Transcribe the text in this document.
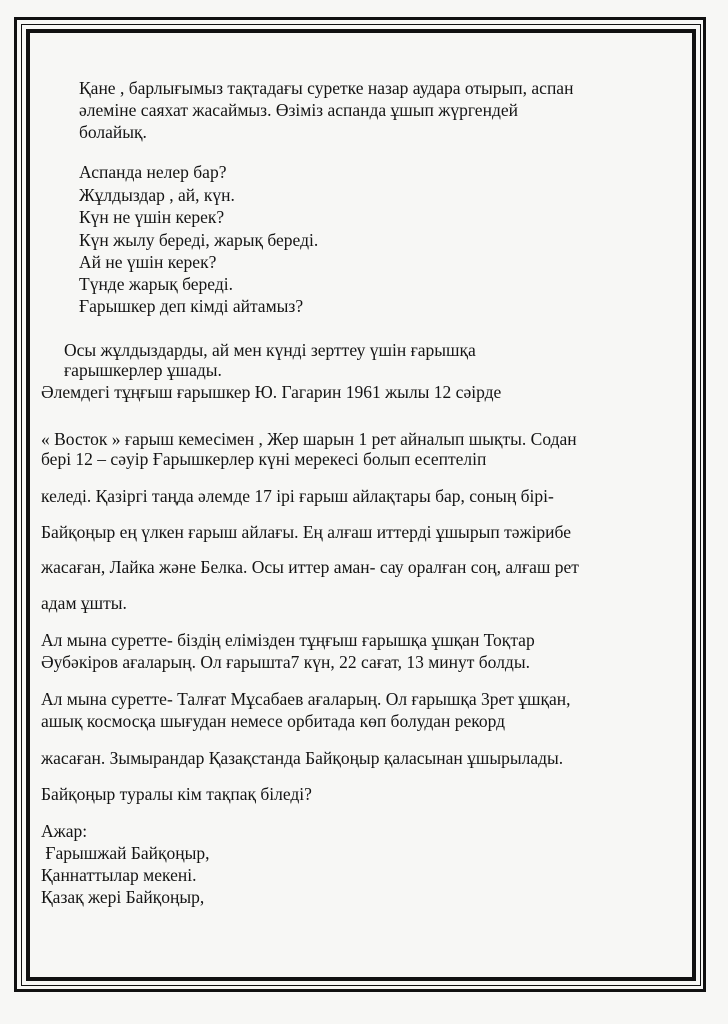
Қане , барлығымыз тақтадағы суретке назар аудара отырып, аспан
әлеміне саяхат жасаймыз. Өзіміз аспанда ұшып жүргендей
болайық.
Аспанда нелер бар?
Жұлдыздар , ай, күн.
Күн не үшін керек?
Күн жылу береді, жарық береді.
Ай не үшін керек?
Түнде жарық береді.
Ғарышкер деп кімді айтамыз?
Осы жұлдыздарды, ай мен күнді зерттеу үшін ғарышқа
ғарышкерлер ұшады.
Әлемдегі тұңғыш ғарышкер Ю. Гагарин 1961 жылы 12 сәірде
« Восток » ғарыш кемесімен , Жер шарын 1 рет айналып шықты. Содан
бері 12 – сәуір Ғарышкерлер күні мерекесі болып есептеліп
келеді. Қазіргі таңда әлемде 17 ірі ғарыш айлақтары бар, соның бірі-
Байқоңыр ең үлкен ғарыш айлағы. Ең алғаш иттерді ұшырып тәжірибе
жасаған, Лайка және Белка. Осы иттер аман- сау оралған соң, алғаш рет
адам ұшты.
Ал мына суретте- біздің елімізден тұңғыш ғарышқа ұшқан Тоқтар
Әубәкіров ағаларың. Ол ғарышта7 күн, 22 сағат, 13 минут болды.
Ал мына суретте- Талғат Мұсабаев ағаларың. Ол ғарышқа 3рет ұшқан,
ашық космосқа шығудан немесе орбитада көп болудан рекорд
жасаған. Зымырандар Қазақстанда Байқоңыр қаласынан ұшырылады.
Байқоңыр туралы кім тақпақ біледі?
Ажар:
Ғарышжай Байқоңыр,
Қаннаттылар мекені.
Қазақ жері Байқоңыр,
